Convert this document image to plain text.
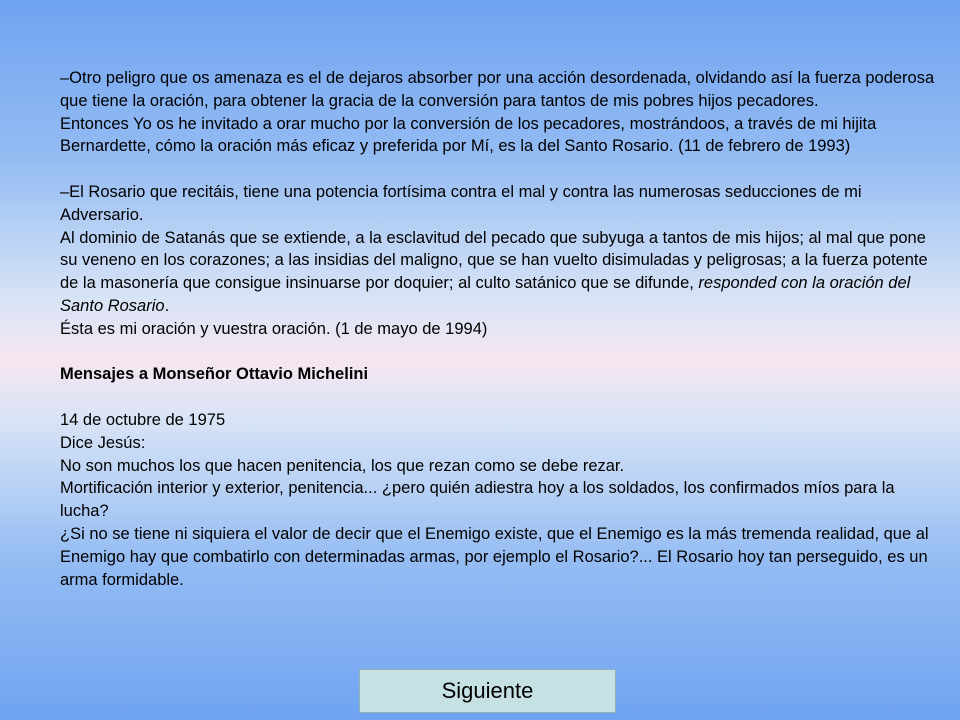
–Otro peligro que os amenaza es el de dejaros absorber por una acción desordenada, olvidando así la fuerza poderosa que tiene la oración, para obtener la gracia de la conversión para tantos de mis pobres hijos pecadores.

Entonces Yo os he invitado a orar mucho por la conversión de los pecadores, mostrándoos, a través de mi hijita Bernardette, cómo la oración más eficaz y preferida por Mí, es la del Santo Rosario. (11 de febrero de 1993)

–El Rosario que recitáis, tiene una potencia fortísima contra el mal y contra las numerosas seducciones de mi Adversario.

Al dominio de Satanás que se extiende, a la esclavitud del pecado que subyuga a tantos de mis hijos; al mal que pone su veneno en los corazones; a las insidias del maligno, que se han vuelto disimuladas y peligrosas; a la fuerza potente de la masonería que consigue insinuarse por doquier; al culto satánico que se difunde, responded con la oración del Santo Rosario.

Ésta es mi oración y vuestra oración. (1 de mayo de 1994)

Mensajes a Monseñor Ottavio Michelini

14 de octubre de 1975

Dice Jesús:

No son muchos los que hacen penitencia, los que rezan como se debe rezar.

Mortificación interior y exterior, penitencia... ¿pero quién adiestra hoy a los soldados, los confirmados míos para la lucha?

¿Si no se tiene ni siquiera el valor de decir que el Enemigo existe, que el Enemigo es la más tremenda realidad, que al Enemigo hay que combatirlo con determinadas armas, por ejemplo el Rosario?... El Rosario hoy tan perseguido, es un arma formidable.

Siguiente
